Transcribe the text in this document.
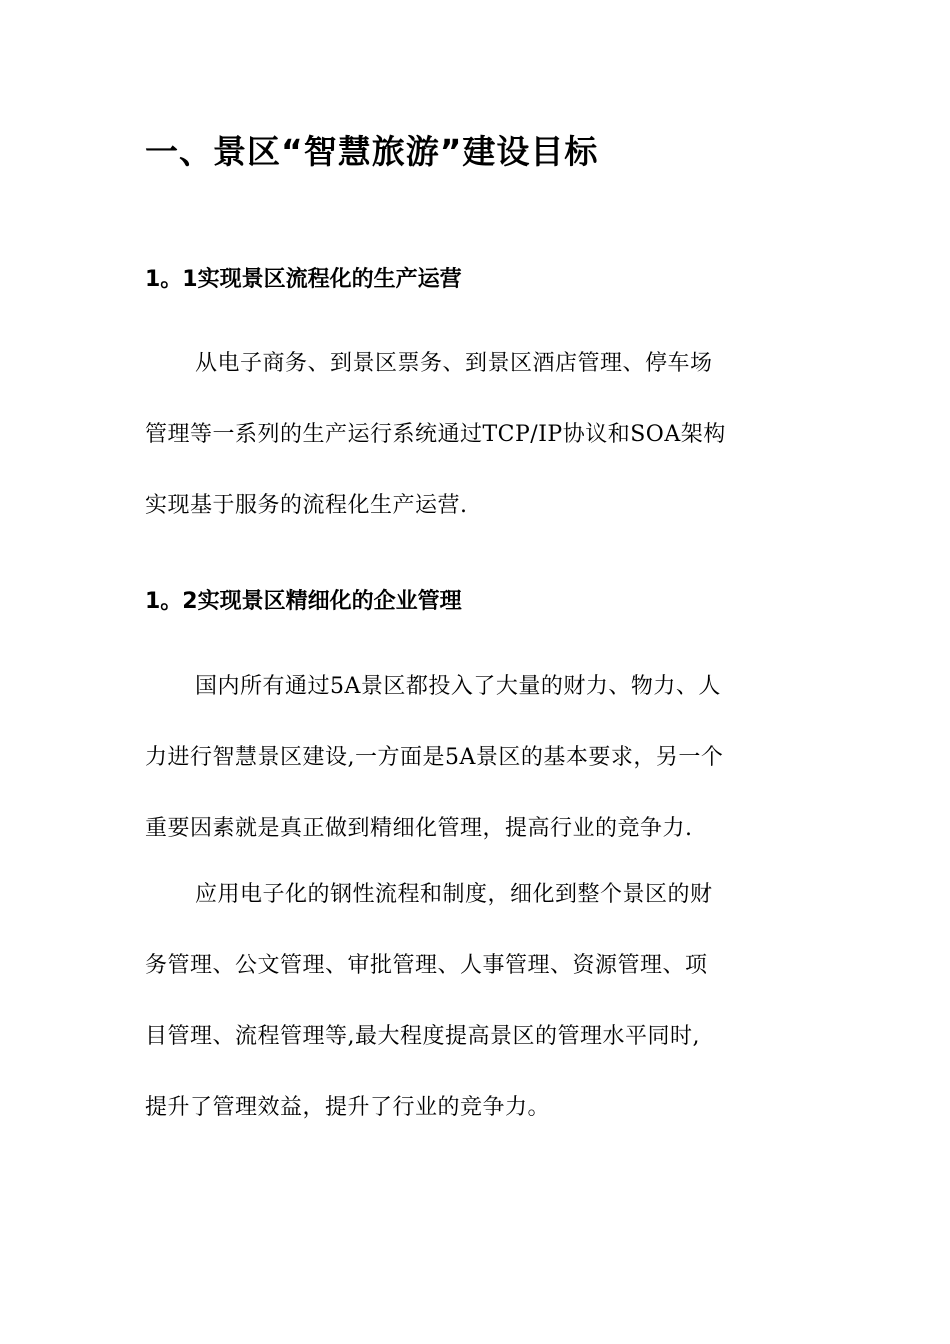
一、景区“智慧旅游”建设目标
1。1实现景区流程化的生产运营
从电子商务、到景区票务、到景区酒店管理、停车场
管理等一系列的生产运行系统通过TCP/IP协议和SOA架构
实现基于服务的流程化生产运营.
1。2实现景区精细化的企业管理
国内所有通过5A景区都投入了大量的财力、物力、人
力进行智慧景区建设,一方面是5A景区的基本要求，另一个
重要因素就是真正做到精细化管理，提高行业的竞争力.
应用电子化的钢性流程和制度，细化到整个景区的财
务管理、公文管理、审批管理、人事管理、资源管理、项
目管理、流程管理等,最大程度提高景区的管理水平同时,
提升了管理效益，提升了行业的竞争力。
